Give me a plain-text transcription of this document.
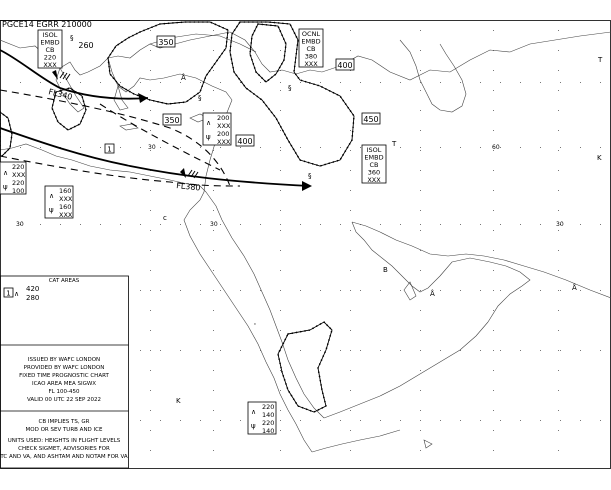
PGCE14 EGRR 210000
350
350
400
400
450
260
FL340
FL380
1
ISOL
EMBD
CB
220
XXX
OCNL
EMBD
CB
380
XXX
ISOL
EMBD
CB
360
XXX
220
XXX
220
100
∧
ψ	160
XXX
160
XXX
∧
ψ
200
XXX
200
XXX
∧
ψ
220
140
220
140
∧
ψ
30
30
30
60
30
§
Å
§
§
T
§
c
B
Å
Å
T
K
K
'
CAT AREAS
1 ∧
420
280
ISSUED BY WAFC LONDON
PROVIDED BY WAFC LONDON
FIXED TIME PROGNOSTIC CHART
ICAO AREA MEA SIGWX
FL 100-450
VALID 00 UTC 22 SEP 2022
CB IMPLIES TS, GR
MOD OR SEV TURB AND ICE
UNITS USED: HEIGHTS IN FLIGHT LEVELS
CHECK SIGMET, ADVISORIES FOR
TC AND VA, AND ASHTAM AND NOTAM FOR VA
